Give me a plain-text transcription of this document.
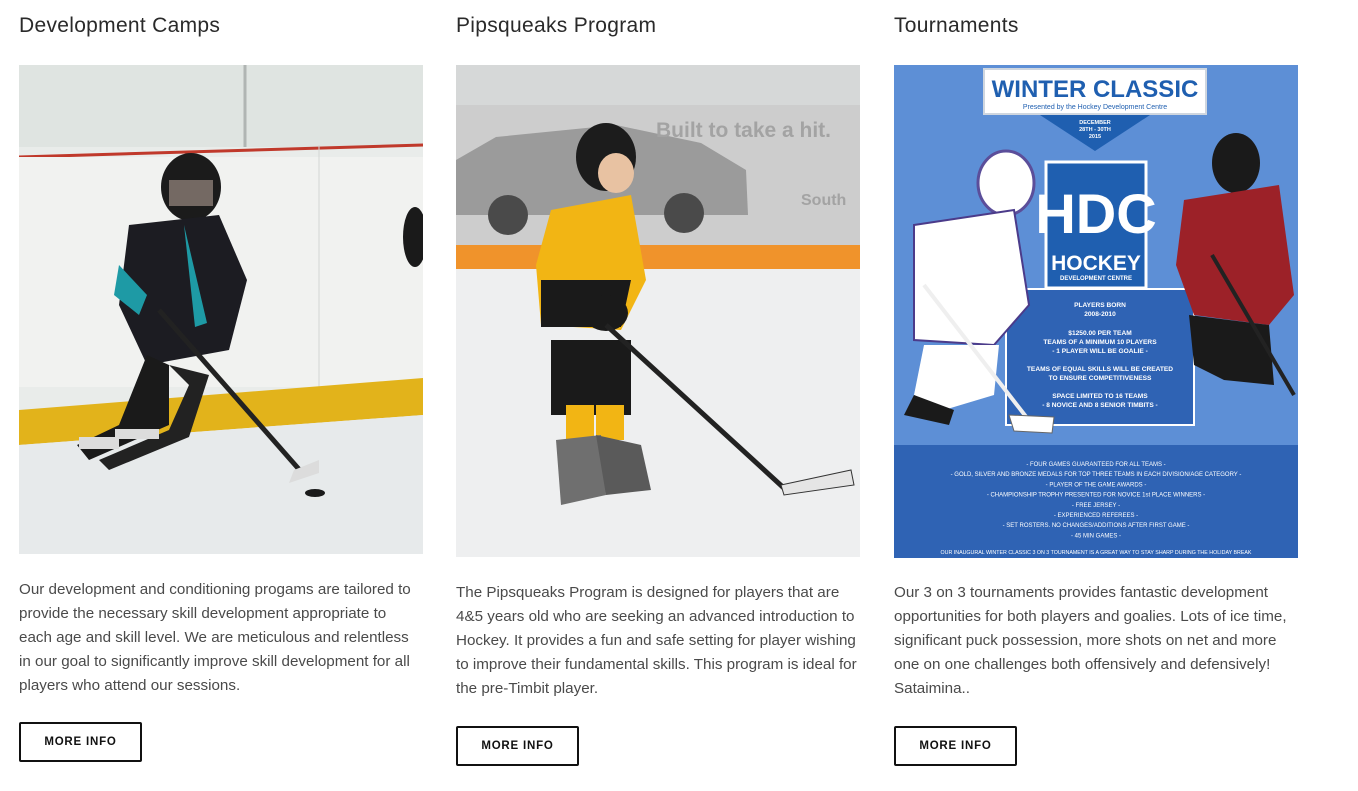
Development Camps

Our development and conditioning progams are tailored to provide the necessary skill development appropriate to each age and skill level. We are meticulous and relentless in our goal to significantly improve skill development for all players who attend our sessions.

MORE INFO
Pipsqueaks Program
Built to take a hit.
South

The Pipsqueaks Program is designed for players that are 4&5 years old who are seeking an advanced introduction to Hockey. It provides a fun and safe setting for player wishing to improve their fundamental skills. This program is ideal for the pre-Timbit player.

MORE INFO
Tournaments
WINTER CLASSIC
Presented by the Hockey Development Centre
DECEMBER
28TH - 30TH
2015
HDC
HOCKEY
DEVELOPMENT CENTRE
PLAYERS BORN
2008-2010
$1250.00 PER TEAM
TEAMS OF A MINIMUM 10 PLAYERS
- 1 PLAYER WILL BE GOALIE -
TEAMS OF EQUAL SKILLS WILL BE CREATED
TO ENSURE COMPETITIVENESS
SPACE LIMITED TO 16 TEAMS
- 8 NOVICE AND 8 SENIOR TIMBITS -
- FOUR GAMES GUARANTEED FOR ALL TEAMS -
- GOLD, SILVER AND BRONZE MEDALS FOR TOP THREE TEAMS IN EACH DIVISION/AGE CATEGORY -
- PLAYER OF THE GAME AWARDS -
- CHAMPIONSHIP TROPHY PRESENTED FOR NOVICE 1st PLACE WINNERS -
- FREE JERSEY -
- EXPERIENCED REFEREES -
- SET ROSTERS. NO CHANGES/ADDITIONS AFTER FIRST GAME -
- 45 MIN GAMES -
OUR INAUGURAL WINTER CLASSIC 3 ON 3 TOURNAMENT IS A GREAT WAY TO STAY SHARP DURING THE HOLIDAY BREAK

Our 3 on 3 tournaments provides fantastic development opportunities for both players and goalies. Lots of ice time, significant puck possession, more shots on net and more one on one challenges both offensively and defensively! Sataimina..

MORE INFO
